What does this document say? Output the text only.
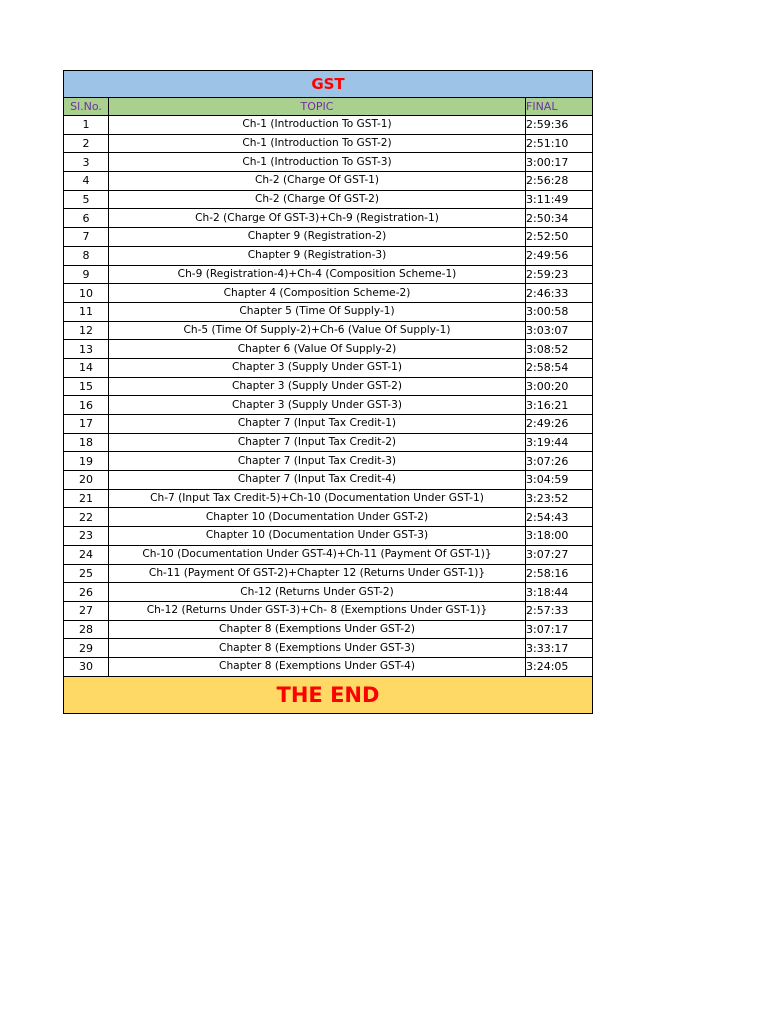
GST		
Sl.No.	TOPIC	FINAL
1	Ch-1 (Introduction To GST-1)	2:59:36
2	Ch-1 (Introduction To GST-2)	2:51:10
3	Ch-1 (Introduction To GST-3)	3:00:17
4	Ch-2 (Charge Of GST-1)	2:56:28
5	Ch-2 (Charge Of GST-2)	3:11:49
6	Ch-2 (Charge Of GST-3)+Ch-9 (Registration-1)	2:50:34
7	Chapter 9 (Registration-2)	2:52:50
8	Chapter 9 (Registration-3)	2:49:56
9	Ch-9 (Registration-4)+Ch-4 (Composition Scheme-1)	2:59:23
10	Chapter 4 (Composition Scheme-2)	2:46:33
11	Chapter 5 (Time Of Supply-1)	3:00:58
12	Ch-5 (Time Of Supply-2)+Ch-6 (Value Of Supply-1)	3:03:07
13	Chapter 6 (Value Of Supply-2)	3:08:52
14	Chapter 3 (Supply Under GST-1)	2:58:54
15	Chapter 3 (Supply Under GST-2)	3:00:20
16	Chapter 3 (Supply Under GST-3)	3:16:21
17	Chapter 7 (Input Tax Credit-1)	2:49:26
18	Chapter 7 (Input Tax Credit-2)	3:19:44
19	Chapter 7 (Input Tax Credit-3)	3:07:26
20	Chapter 7 (Input Tax Credit-4)	3:04:59
21	Ch-7 (Input Tax Credit-5)+Ch-10 (Documentation Under GST-1)	3:23:52
22	Chapter 10 (Documentation Under GST-2)	2:54:43
23	Chapter 10 (Documentation Under GST-3)	3:18:00
24	Ch-10 (Documentation Under GST-4)+Ch-11 (Payment Of GST-1)}	3:07:27
25	Ch-11 (Payment Of GST-2)+Chapter 12 (Returns Under GST-1)}	2:58:16
26	Ch-12 (Returns Under GST-2)	3:18:44
27	Ch-12 (Returns Under GST-3)+Ch- 8 (Exemptions Under GST-1)}	2:57:33
28	Chapter 8 (Exemptions Under GST-2)	3:07:17
29	Chapter 8 (Exemptions Under GST-3)	3:33:17
30	Chapter 8 (Exemptions Under GST-4)	3:24:05
THE END		
